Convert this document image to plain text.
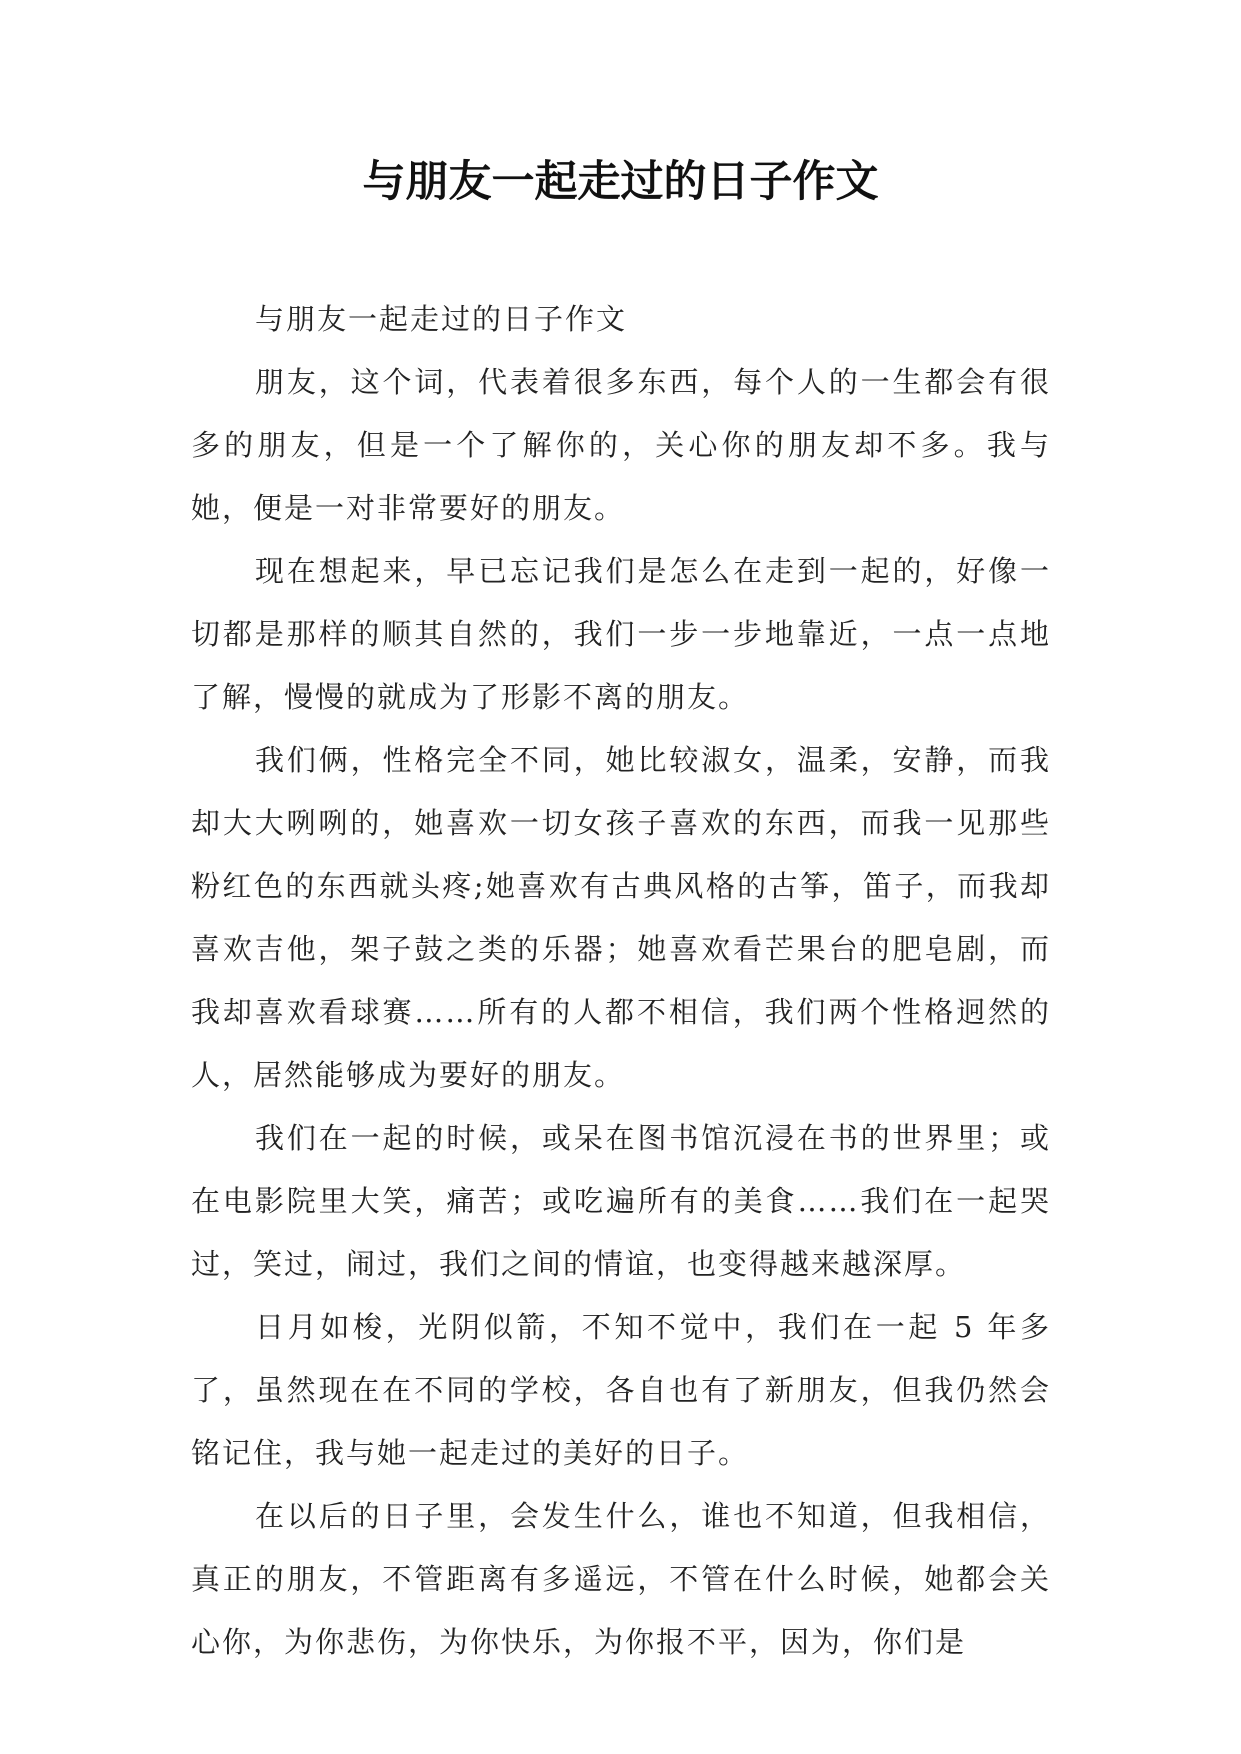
与朋友一起走过的日子作文

与朋友一起走过的日子作文

朋友，这个词，代表着很多东西，每个人的一生都会有很多的朋友，但是一个了解你的，关心你的朋友却不多。我与她，便是一对非常要好的朋友。

现在想起来，早已忘记我们是怎么在走到一起的，好像一切都是那样的顺其自然的，我们一步一步地靠近，一点一点地了解，慢慢的就成为了形影不离的朋友。

我们俩，性格完全不同，她比较淑女，温柔，安静，而我却大大咧咧的，她喜欢一切女孩子喜欢的东西，而我一见那些粉红色的东西就头疼;她喜欢有古典风格的古筝，笛子，而我却喜欢吉他，架子鼓之类的乐器；她喜欢看芒果台的肥皂剧，而我却喜欢看球赛……所有的人都不相信，我们两个性格迥然的人，居然能够成为要好的朋友。

我们在一起的时候，或呆在图书馆沉浸在书的世界里；或在电影院里大笑，痛苦；或吃遍所有的美食……我们在一起哭过，笑过，闹过，我们之间的情谊，也变得越来越深厚。

日月如梭，光阴似箭，不知不觉中，我们在一起 5 年多了，虽然现在在不同的学校，各自也有了新朋友，但我仍然会铭记住，我与她一起走过的美好的日子。

在以后的日子里，会发生什么，谁也不知道，但我相信，真正的朋友，不管距离有多遥远，不管在什么时候，她都会关心你，为你悲伤，为你快乐，为你报不平，因为，你们是
